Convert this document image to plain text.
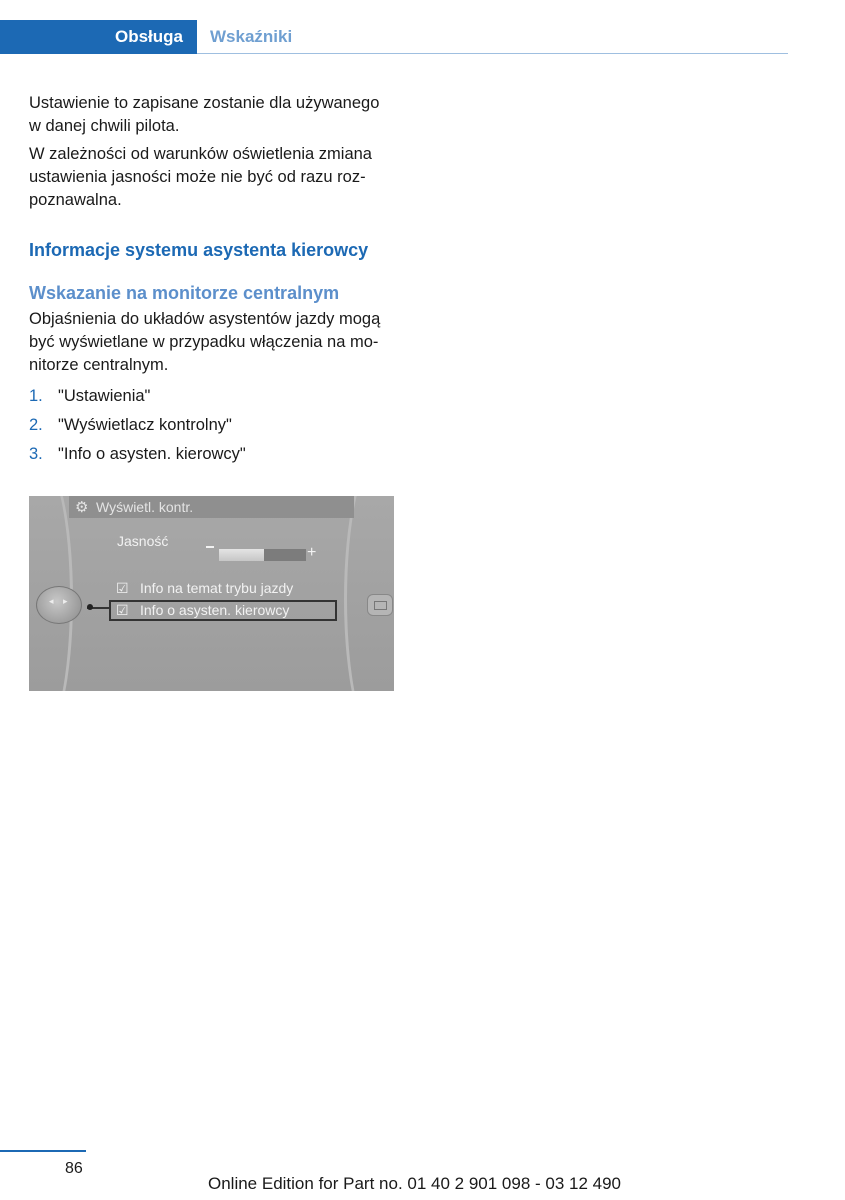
Obsługa	Wskaźniki

Ustawienie to zapisane zostanie dla używanego w danej chwili pilota.

W zależności od warunków oświetlenia zmiana ustawienia jasności może nie być od razu rozpoznawalna.

Informacje systemu asystenta kierowcy
Wskazanie na monitorze centralnym

Objaśnienia do układów asystentów jazdy mogą być wyświetlane w przypadku włączenia na monitorze centralnym.

1. "Ustawienia"
2. "Wyświetlacz kontrolny"
3. "Info o asysten. kierowcy"
⚙ Wyświetl. kontr.
Jasność
+
☑ Info na temat trybu jazdy
☑ Info o asysten. kierowcy
◂ ▸
86
Online Edition for Part no. 01 40 2 901 098 - 03 12 490
